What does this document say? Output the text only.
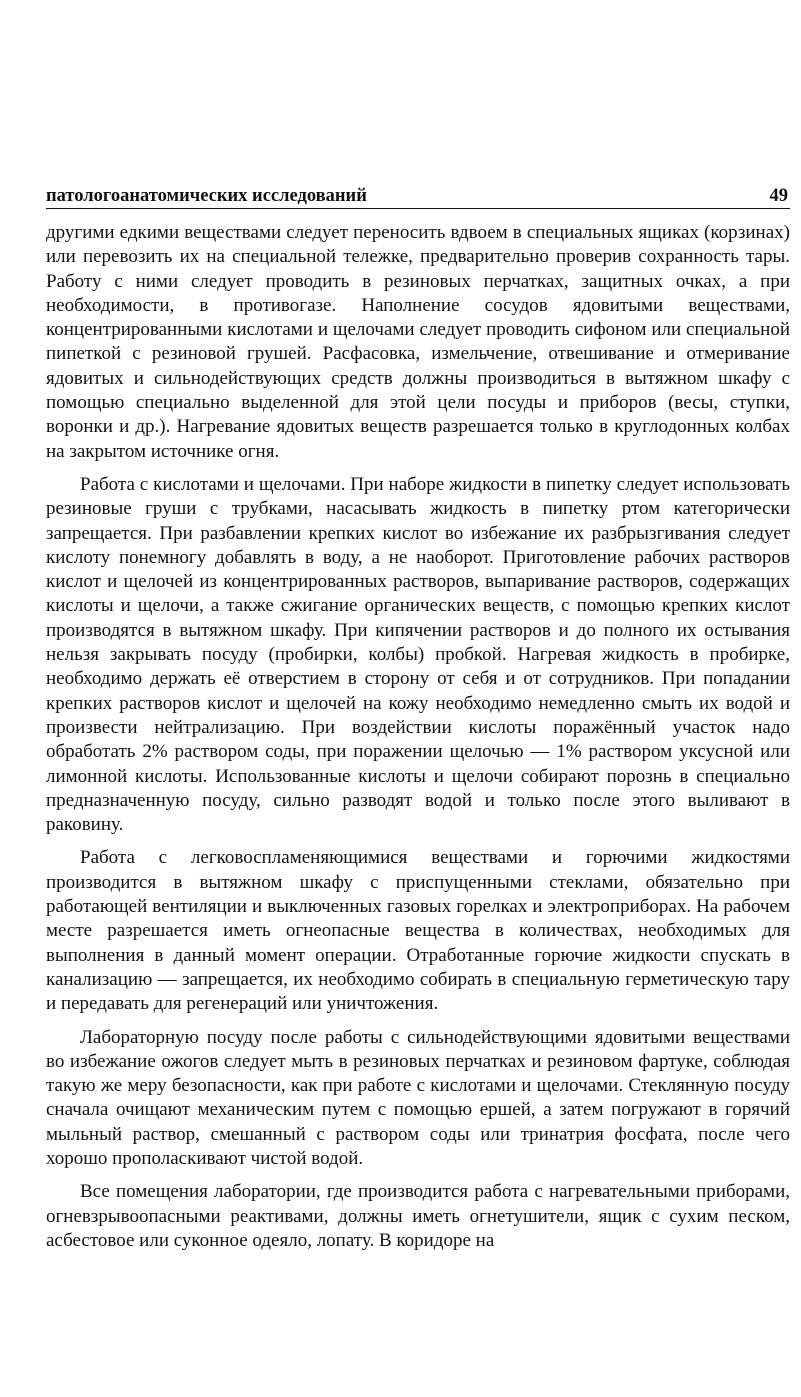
патологоанатомических исследований	49

другими едкими веществами следует переносить вдвоем в специальных ящиках (корзинах) или перевозить их на специальной тележке, предварительно проверив сохранность тары. Работу с ними следует проводить в резиновых перчатках, защитных очках, а при необходимости, в противогазе. Наполнение сосудов ядовитыми веществами, концентрированными кислотами и щелочами следует проводить сифоном или специальной пипеткой с резиновой грушей. Расфасовка, измельчение, отвешивание и отмеривание ядовитых и сильнодействующих средств должны производиться в вытяжном шкафу с помощью специально выделенной для этой цели посуды и приборов (весы, ступки, воронки и др.). Нагревание ядовитых веществ разрешается только в круглодонных колбах на закрытом источнике огня.

Работа с кислотами и щелочами. При наборе жидкости в пипетку следует использовать резиновые груши с трубками, насасывать жидкость в пипетку ртом категорически запрещается. При разбавлении крепких кислот во избежание их разбрызгивания следует кислоту понемногу добавлять в воду, а не наоборот. Приготовление рабочих растворов кислот и щелочей из концентрированных растворов, выпаривание растворов, содержащих кислоты и щелочи, а также сжигание органических веществ, с помощью крепких кислот производятся в вытяжном шкафу. При кипячении растворов и до полного их остывания нельзя закрывать посуду (пробирки, колбы) пробкой. Нагревая жидкость в пробирке, необходимо держать её отверстием в сторону от себя и от сотрудников. При попадании крепких растворов кислот и щелочей на кожу необходимо немедленно смыть их водой и произвести нейтрализацию. При воздействии кислоты поражённый участок надо обработать 2% раствором соды, при поражении щелочью — 1% раствором уксусной или лимонной кислоты. Использованные кислоты и щелочи собирают порознь в специально предназначенную посуду, сильно разводят водой и только после этого выливают в раковину.

Работа с легковоспламеняющимися веществами и горючими жидкостями производится в вытяжном шкафу с приспущенными стеклами, обязательно при работающей вентиляции и выключенных газовых горелках и электроприборах. На рабочем месте разрешается иметь огнеопасные вещества в количествах, необходимых для выполнения в данный момент операции. Отработанные горючие жидкости спускать в канализацию — запрещается, их необходимо собирать в специальную герметическую тару и передавать для регенераций или уничтожения.

Лабораторную посуду после работы с сильнодействующими ядовитыми веществами во избежание ожогов следует мыть в резиновых перчатках и резиновом фартуке, соблюдая такую же меру безопасности, как при работе с кислотами и щелочами. Стеклянную посуду сначала очищают механическим путем с помощью ершей, а затем погружают в горячий мыльный раствор, смешанный с раствором соды или тринатрия фосфата, после чего хорошо прополаскивают чистой водой.

Все помещения лаборатории, где производится работа с нагревательными приборами, огневзрывоопасными реактивами, должны иметь огнетушители, ящик с сухим песком, асбестовое или суконное одеяло, лопату. В коридоре на
